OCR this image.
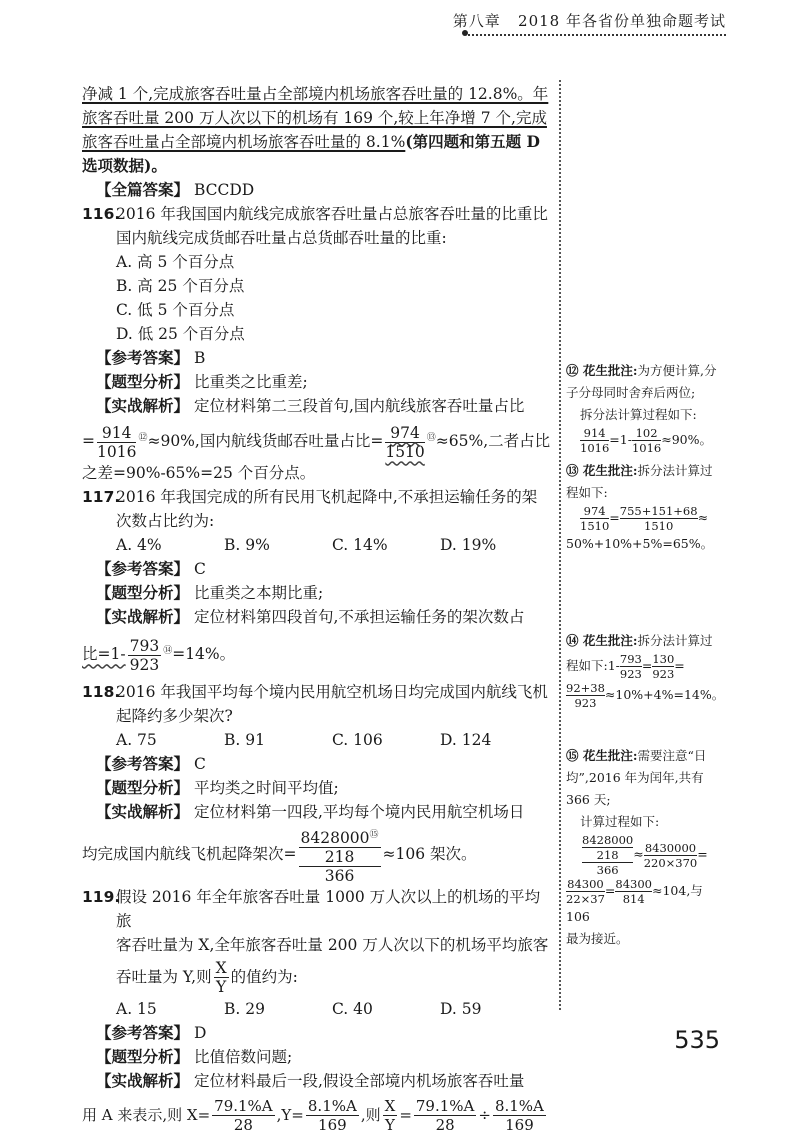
第八章 2018 年各省份单独命题考试

净减 1 个,完成旅客吞吐量占全部境内机场旅客吞吐量的 12.8%。年

旅客吞吐量 200 万人次以下的机场有 169 个,较上年净增 7 个,完成

旅客吞吐量占全部境内机场旅客吞吐量的 8.1%(第四题和第五题 D

选项数据)。

【全篇答案】 BCCDD

116.2016 年我国国内航线完成旅客吞吐量占总旅客吞吐量的比重比

国内航线完成货邮吞吐量占总货邮吞吐量的比重:

A. 高 5 个百分点
B. 高 25 个百分点
C. 低 5 个百分点
D. 低 25 个百分点

【参考答案】 B

【题型分析】 比重类之比重差;

【实战解析】 定位材料第二三段首句,国内航线旅客吞吐量占比

= $\frac{914}{1016} ^⑫\approx 90\%$,国内航线货邮吞吐量占比= $\frac{974}{1510} ^⑬\approx 65\%$,二者占比

之差=90%-65%=25 个百分点。

117.2016 年我国完成的所有民用飞机起降中,不承担运输任务的架

次数占比约为:

A. 4%	B. 9%	C. 14%	D. 19%

【参考答案】 C

【题型分析】 比重类之本期比重;

【实战解析】 定位材料第四段首句,不承担运输任务的架次数占

比$=1- \frac{793}{923} ^⑭=14\%$。

118.2016 年我国平均每个境内民用航空机场日均完成国内航线飞机

起降约多少架次?

A. 75	B. 91	C. 106	D. 124

【参考答案】 C

【题型分析】 平均类之时间平均值;

【实战解析】 定位材料第一四段,平均每个境内民用航空机场日

均完成国内航线飞机起降架次=
8428000⑮
218
366
≈106 架次。

119.假设 2016 年全年旅客吞吐量 1000 万人次以上的机场的平均旅

客吞吐量为 X,全年旅客吞吐量 200 万人次以下的机场平均旅客

吞吐量为 Y,则 $\frac{X}{Y}$ 的值约为:

A. 15	B. 29	C. 40	D. 59

【参考答案】 D

【题型分析】 比值倍数问题;

【实战解析】 定位材料最后一段,假设全部境内机场旅客吞吐量

用 A 来表示,则 $X= \frac{79.1\%A}{28} ,Y= \frac{8.1\%A}{169}$ ,则 $\frac{X}{Y} = \frac{79.1\%A}{28} \div \frac{8.1\%A}{169}$

⑫ 花生批注:为方便计算,分
子分母同时舍弃后两位;
拆分法计算过程如下:
$\frac{914}{1016} =1- \frac{102}{1016} \approx 90\%$。
⑬ 花生批注:拆分法计算过
程如下:
$\frac{974}{1510} = \frac{755+151+68}{1510}$ ≈
50%+10%+5%=65%。
⑭ 花生批注:拆分法计算过
程如下:1- $\frac{793}{923} = \frac{130}{923}$ =
$\frac{92+38}{923} \approx 10\%+4\%=14\%$。
⑮ 花生批注:需要注意“日
均”,2016 年为闰年,共有
366 天;
计算过程如下:
8428000
218
366
≈ $\frac{8430000}{220\times 370}$ =
$\frac{84300}{22\times 37} = \frac{84300}{814} \approx 104$,与 106
最为接近。
535
